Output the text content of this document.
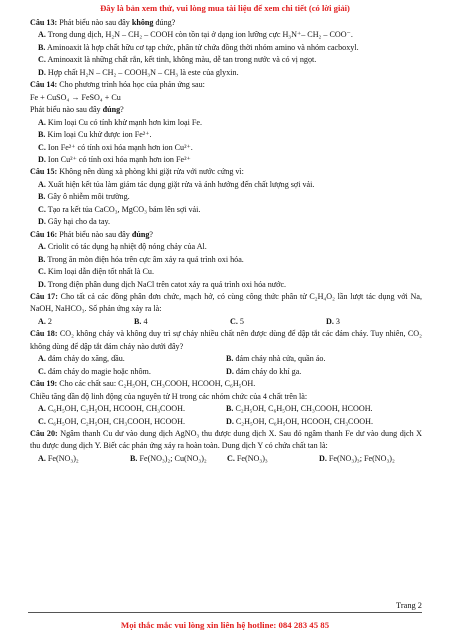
Đây là bản xem thử, vui lòng mua tài liệu để xem chi tiết (có lời giải)
Câu 13: Phát biểu nào sau đây không đúng?
A. Trong dung dịch, H₂N – CH₂ – COOH còn tồn tại ở dạng ion lưỡng cực H₃N⁺– CH₂ – COO⁻.
B. Aminoaxit là hợp chất hữu cơ tạp chức, phân tử chứa đồng thời nhóm amino và nhóm cacboxyl.
C. Aminoaxit là những chất rắn, kết tinh, không màu, dễ tan trong nước và có vị ngọt.
D. Hợp chất H₂N – CH₂ – COOH₃N – CH₃ là este của glyxin.
Câu 14: Cho phương trình hóa học của phản ứng sau:
Fe + CuSO₄ → FeSO₄ + Cu
Phát biểu nào sau đây đúng?
A. Kim loại Cu có tính khử mạnh hơn kim loại Fe.
B. Kim loại Cu khử được ion Fe²⁺.
C. Ion Fe²⁺ có tính oxi hóa mạnh hơn ion Cu²⁺.
D. Ion Cu²⁺ có tính oxi hóa mạnh hơn ion Fe²⁺
Câu 15: Không nên dùng xà phòng khi giặt rửa với nước cứng vì:
A. Xuất hiện kết tủa làm giảm tác dụng giặt rửa và ảnh hưởng đến chất lượng sợi vải.
B. Gây ô nhiễm môi trường.
C. Tạo ra kết tủa CaCO₃, MgCO₃ bám lên sợi vải.
D. Gây hại cho da tay.
Câu 16: Phát biểu nào sau đây đúng?
A. Criolit có tác dụng hạ nhiệt độ nóng chảy của Al.
B. Trong ăn mòn điện hóa trên cực âm xảy ra quá trình oxi hóa.
C. Kim loại dẫn điện tốt nhất là Cu.
D. Trong điện phân dung dịch NaCl trên catot xảy ra quá trình oxi hóa nước.
Câu 17: Cho tất cả các đồng phân đơn chức, mạch hở, có cùng công thức phân tử C₂H₄O₂ lần lượt tác dụng với Na, NaOH, NaHCO₃. Số phản ứng xảy ra là:
A. 2	B. 4	C. 5	D. 3
Câu 18: CO₂ không cháy và không duy trì sự cháy nhiều chất nên được dùng để dập tắt các đám cháy. Tuy nhiên, CO₂ không dùng để dập tắt đám cháy nào dưới đây?
A. đám cháy do xăng, dầu.	B. đám cháy nhà cửa, quần áo.
C. đám cháy do magie hoặc nhôm.	D. đám cháy do khí ga.
Câu 19: Cho các chất sau: C₂H₅OH, CH₃COOH, HCOOH, C₆H₅OH.
Chiều tăng dần độ linh động của nguyên tử H trong các nhóm chức của 4 chất trên là:
A. C₆H₅OH, C₂H₅OH, HCOOH, CH₃COOH.	B. C₂H₅OH, C₆H₅OH, CH₃COOH, HCOOH.
C. C₆H₅OH, C₂H₅OH, CH₃COOH, HCOOH.	D. C₂H₅OH, C₆H₅OH, HCOOH, CH₃COOH.
Câu 20: Ngâm thanh Cu dư vào dung dịch AgNO₃ thu được dung dịch X. Sau đó ngâm thanh Fe dư vào dung dịch X thu được dung dịch Y. Biết các phản ứng xảy ra hoàn toàn. Dung dịch Y có chứa chất tan là:
A. Fe(NO₃)₂	B. Fe(NO₃)₂; Cu(NO₃)₂	C. Fe(NO₃)₃	D. Fe(NO₃)₃; Fe(NO₃)₂
Trang 2
Mọi thắc mắc vui lòng xin liên hệ hotline: 084 283 45 85
